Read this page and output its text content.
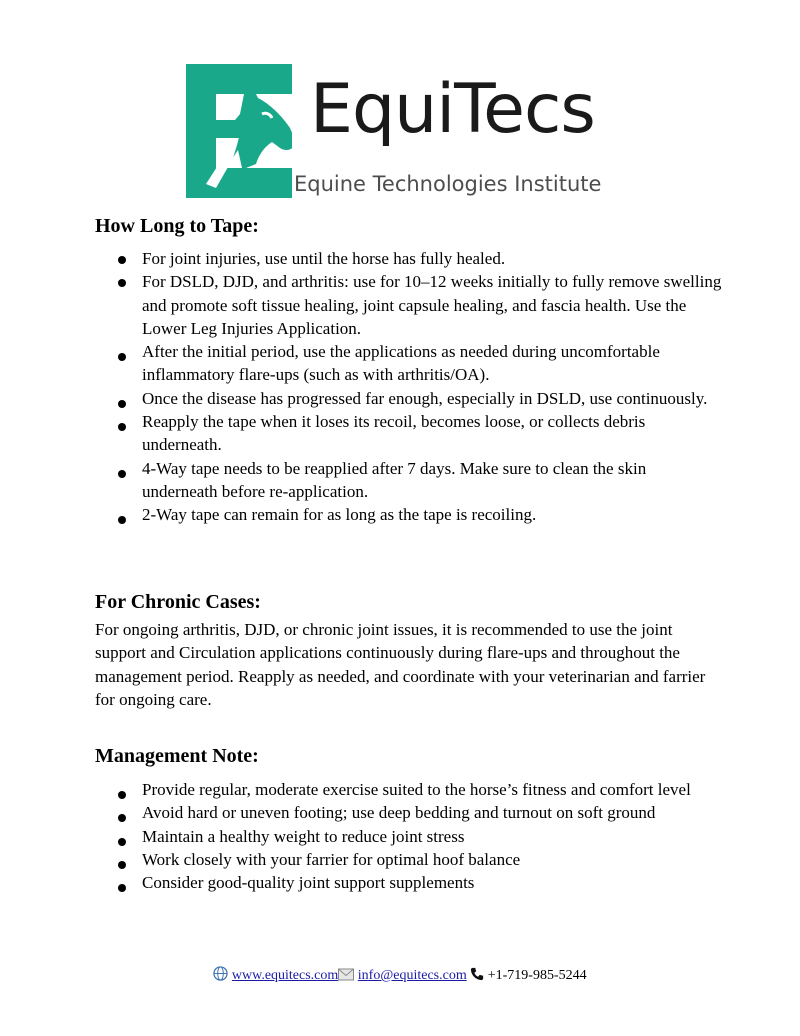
EquiTecs
Equine Technologies Institute
How Long to Tape:
For joint injuries, use until the horse has fully healed.
For DSLD, DJD, and arthritis: use for 10–12 weeks initially to fully remove swelling and promote soft tissue healing, joint capsule healing, and fascia health. Use the Lower Leg Injuries Application.
After the initial period, use the applications as needed during uncomfortable inflammatory flare-ups (such as with arthritis/OA).
Once the disease has progressed far enough, especially in DSLD, use continuously.
Reapply the tape when it loses its recoil, becomes loose, or collects debris underneath.
4-Way tape needs to be reapplied after 7 days. Make sure to clean the skin underneath before re-application.
2-Way tape can remain for as long as the tape is recoiling.
For Chronic Cases:

For ongoing arthritis, DJD, or chronic joint issues, it is recommended to use the joint support and Circulation applications continuously during flare-ups and throughout the management period. Reapply as needed, and coordinate with your veterinarian and farrier for ongoing care.

Management Note:
Provide regular, moderate exercise suited to the horse’s fitness and comfort level
Avoid hard or uneven footing; use deep bedding and turnout on soft ground
Maintain a healthy weight to reduce joint stress
Work closely with your farrier for optimal hoof balance
Consider good-quality joint support supplements
www.equitecs.com info@equitecs.com +1-719-985-5244
